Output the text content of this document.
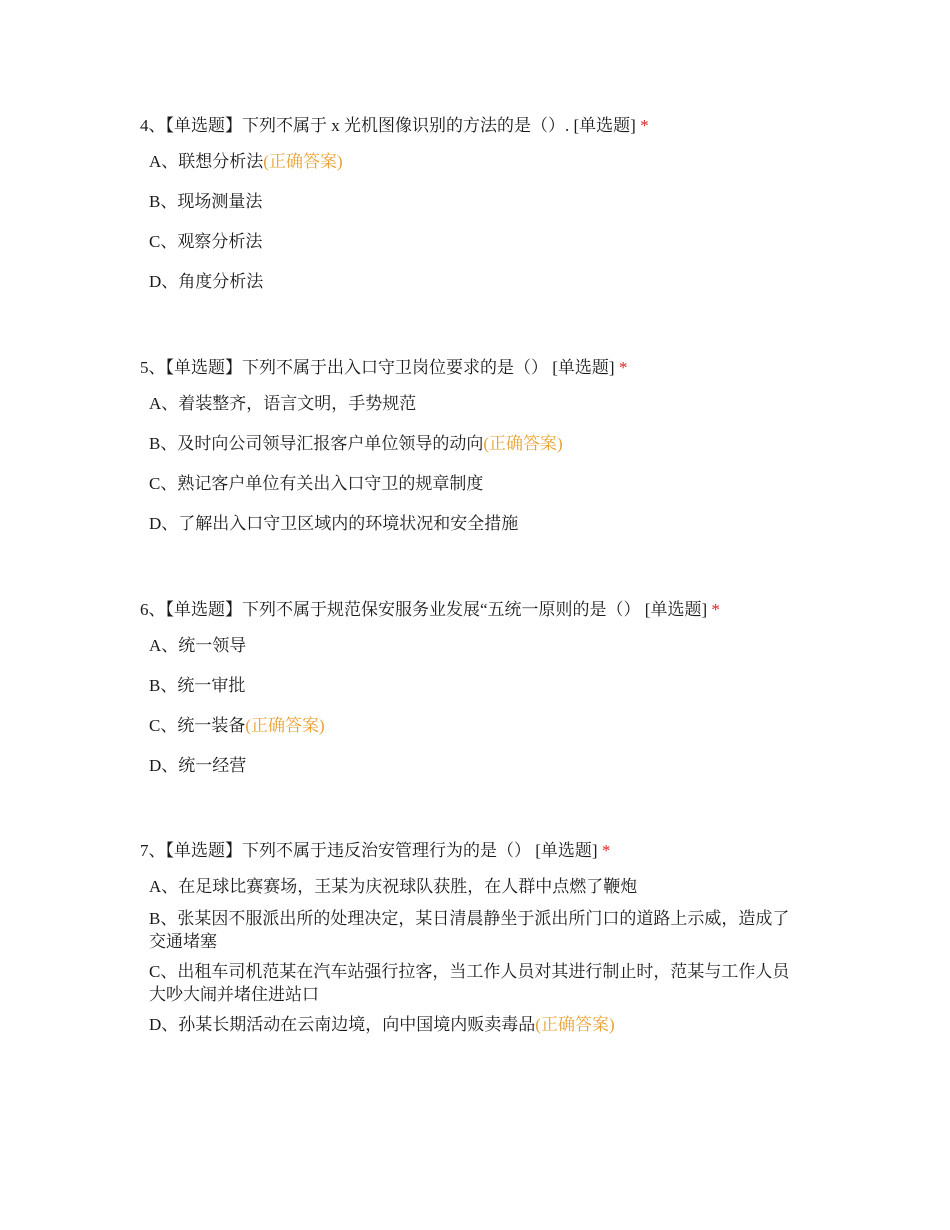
4、【单选题】下列不属于 x 光机图像识别的方法的是（）. [单选题] *
A、联想分析法(正确答案)
B、现场测量法
C、观察分析法
D、角度分析法
5、【单选题】下列不属于出入口守卫岗位要求的是（） [单选题] *
A、着装整齐，语言文明，手势规范
B、及时向公司领导汇报客户单位领导的动向(正确答案)
C、熟记客户单位有关出入口守卫的规章制度
D、了解出入口守卫区域内的环境状况和安全措施
6、【单选题】下列不属于规范保安服务业发展“五统一原则的是（） [单选题] *
A、统一领导
B、统一审批
C、统一装备(正确答案)
D、统一经营
7、【单选题】下列不属于违反治安管理行为的是（） [单选题] *
A、在足球比赛赛场，王某为庆祝球队获胜，在人群中点燃了鞭炮
B、张某因不服派出所的处理决定，某日清晨静坐于派出所门口的道路上示威，造成了交通堵塞
C、出租车司机范某在汽车站强行拉客，当工作人员对其进行制止时，范某与工作人员大吵大闹并堵住进站口
D、孙某长期活动在云南边境，向中国境内贩卖毒品(正确答案)
